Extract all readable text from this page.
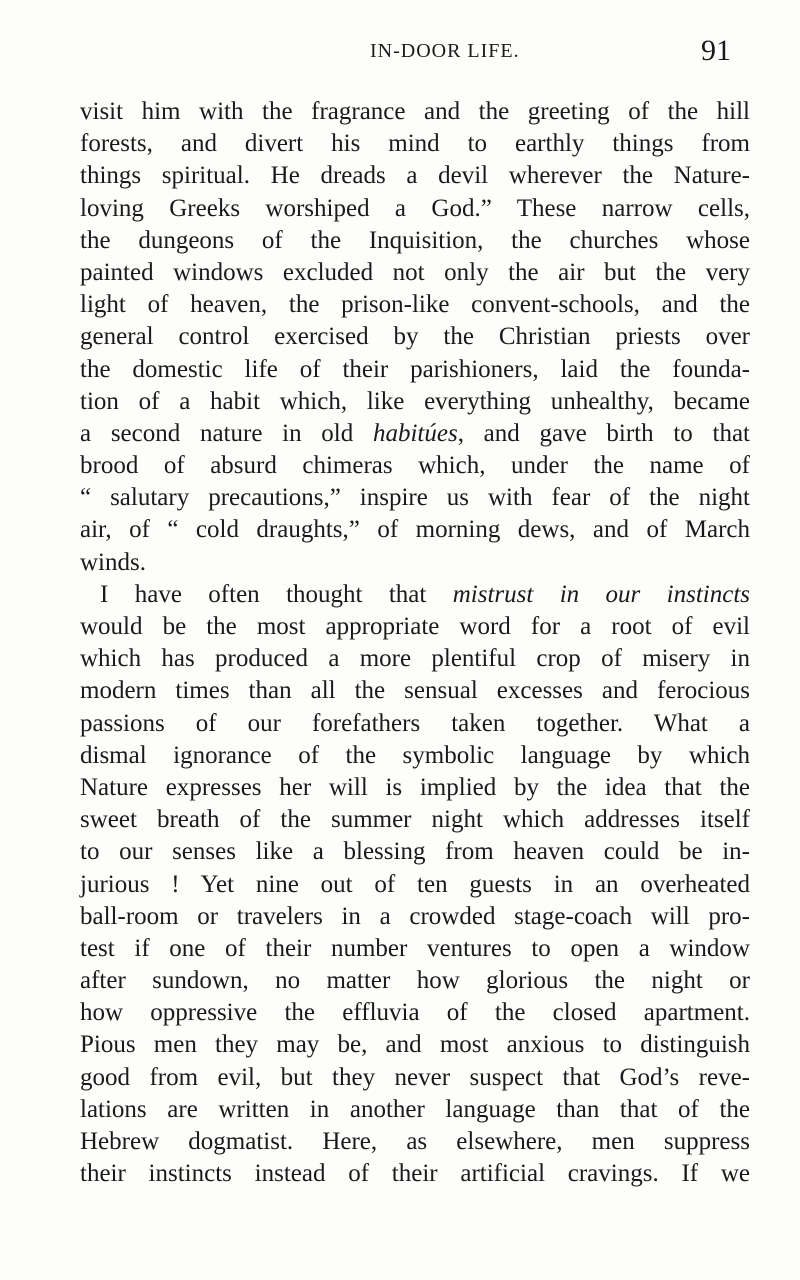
IN-DOOR LIFE.	91
visit him with the fragrance and the greeting of the hill
forests, and divert his mind to earthly things from
things spiritual. He dreads a devil wherever the Nature-
loving Greeks worshiped a God.” These narrow cells,
the dungeons of the Inquisition, the churches whose
painted windows excluded not only the air but the very
light of heaven, the prison-like convent-schools, and the
general control exercised by the Christian priests over
the domestic life of their parishioners, laid the founda-
tion of a habit which, like everything unhealthy, became
a second nature in old habitúes, and gave birth to that
brood of absurd chimeras which, under the name of
“ salutary precautions,” inspire us with fear of the night
air, of “ cold draughts,” of morning dews, and of March
winds.
I have often thought that mistrust in our instincts
would be the most appropriate word for a root of evil
which has produced a more plentiful crop of misery in
modern times than all the sensual excesses and ferocious
passions of our forefathers taken together. What a
dismal ignorance of the symbolic language by which
Nature expresses her will is implied by the idea that the
sweet breath of the summer night which addresses itself
to our senses like a blessing from heaven could be in-
jurious ! Yet nine out of ten guests in an overheated
ball-room or travelers in a crowded stage-coach will pro-
test if one of their number ventures to open a window
after sundown, no matter how glorious the night or
how oppressive the effluvia of the closed apartment.
Pious men they may be, and most anxious to distinguish
good from evil, but they never suspect that God’s reve-
lations are written in another language than that of the
Hebrew dogmatist. Here, as elsewhere, men suppress
their instincts instead of their artificial cravings. If we
